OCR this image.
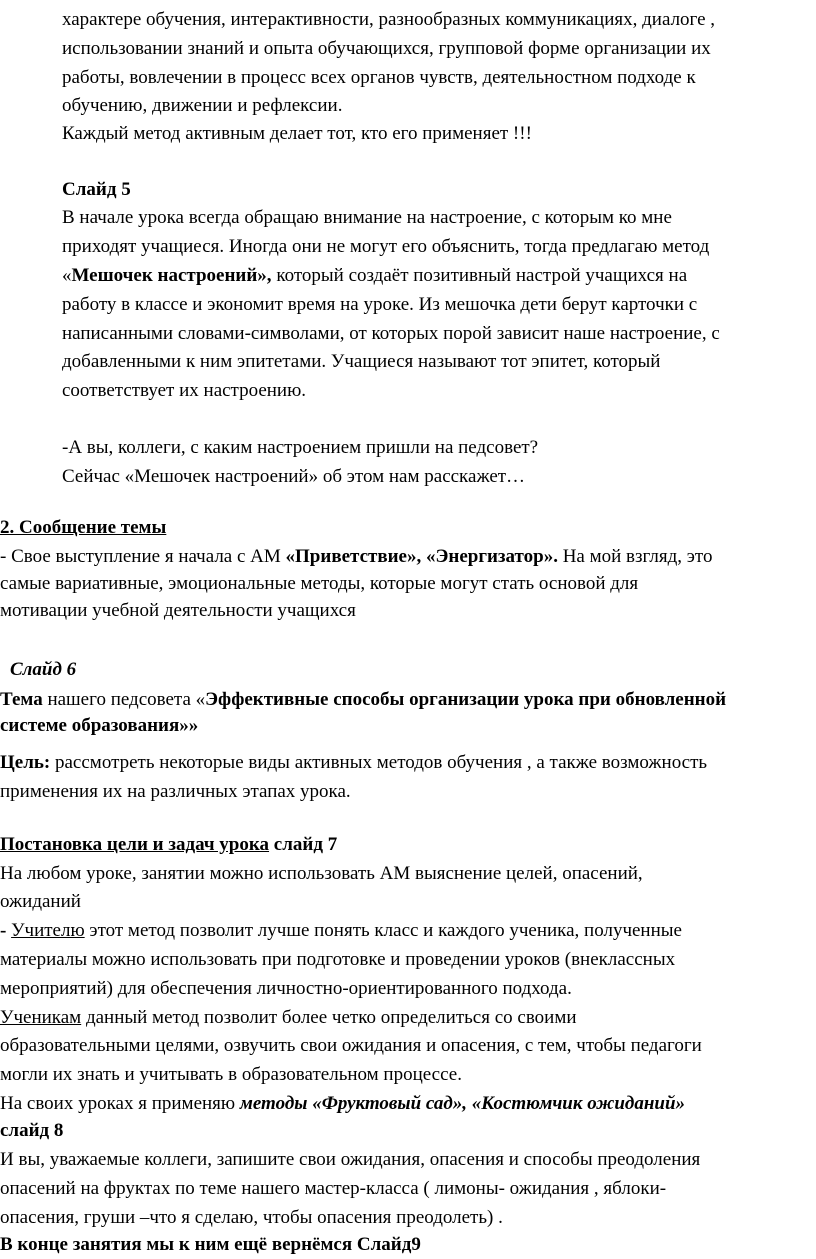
характере обучения, интерактивности, разнообразных коммуникациях, диалоге ,
использовании знаний и опыта обучающихся, групповой форме организации их
работы, вовлечении в процесс всех органов чувств, деятельностном подходе к
обучению, движении и рефлексии.
Каждый метод активным делает тот, кто его применяет !!!
Слайд 5
В начале урока всегда обращаю внимание на настроение, с которым ко мне
приходят учащиеся. Иногда они не могут его объяснить, тогда предлагаю метод
«Мешочек настроений», который создаёт позитивный настрой учащихся на
работу в классе и экономит время на уроке. Из мешочка дети берут карточки с
написанными словами-символами, от которых порой зависит наше настроение, с
добавленными к ним эпитетами. Учащиеся называют тот эпитет, который
соответствует их настроению.
-А вы, коллеги, с каким настроением пришли на педсовет?
Сейчас «Мешочек настроений» об этом нам расскажет…
2. Сообщение темы
- Свое выступление я начала с АМ «Приветствие», «Энергизатор». На мой взгляд, это
самые вариативные, эмоциональные методы, которые могут стать основой для
мотивации учебной деятельности учащихся
Слайд 6
Тема нашего педсовета «Эффективные способы организации урока при обновленной
системе образования»»
Цель: рассмотреть некоторые виды активных методов обучения , а также возможность
применения их на различных этапах урока.
Постановка цели и задач урока слайд 7
На любом уроке, занятии можно использовать АМ выяснение целей, опасений,
ожиданий
- Учителю этот метод позволит лучше понять класс и каждого ученика, полученные
материалы можно использовать при подготовке и проведении уроков (внеклассных
мероприятий) для обеспечения личностно-ориентированного подхода.
Ученикам данный метод позволит более четко определиться со своими
образовательными целями, озвучить свои ожидания и опасения, с тем, чтобы педагоги
могли их знать и учитывать в образовательном процессе.
На своих уроках я применяю методы «Фруктовый сад», «Костюмчик ожиданий»
слайд 8
И вы, уважаемые коллеги, запишите свои ожидания, опасения и способы преодоления
опасений на фруктах по теме нашего мастер-класса ( лимоны- ожидания , яблоки-
опасения, груши –что я сделаю, чтобы опасения преодолеть) .
В конце занятия мы к ним ещё вернёмся Слайд9
